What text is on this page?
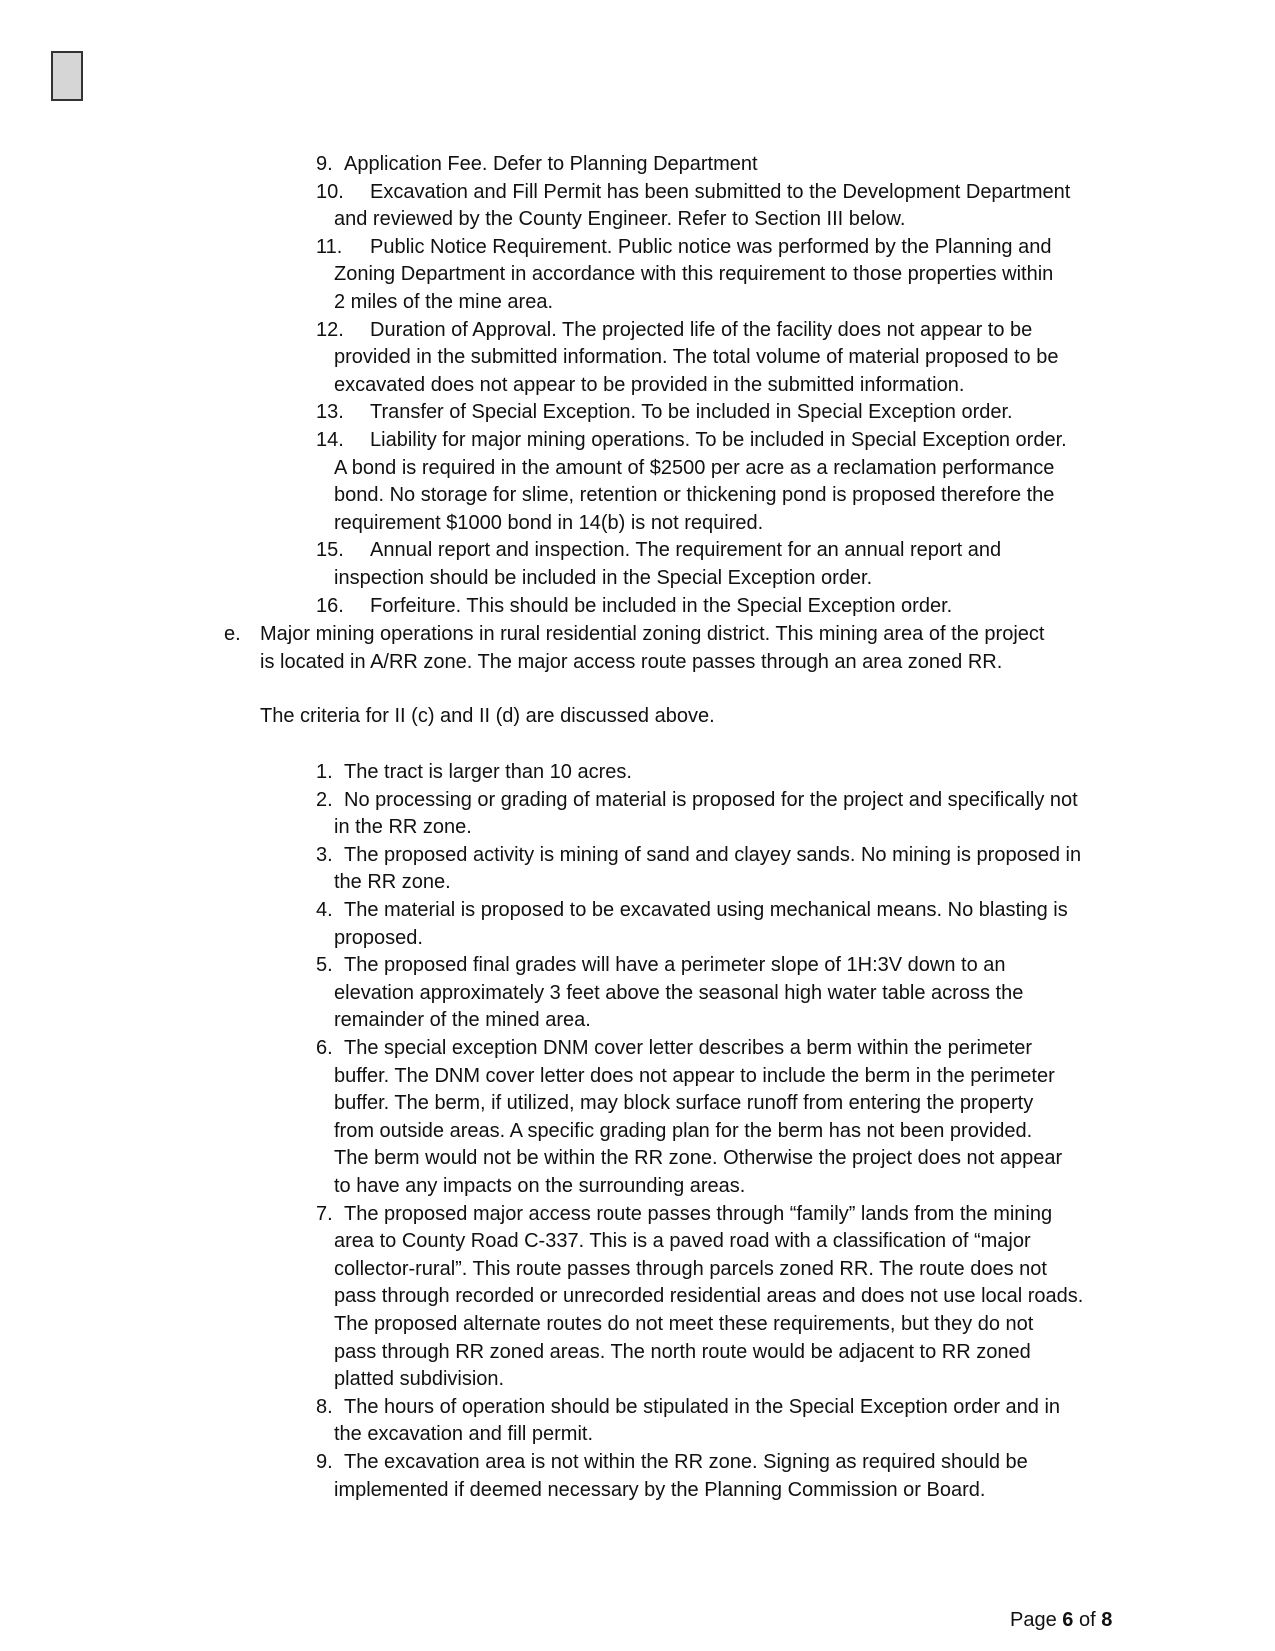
9. Application Fee. Defer to Planning Department
10. Excavation and Fill Permit has been submitted to the Development Department
and reviewed by the County Engineer. Refer to Section III below.
11. Public Notice Requirement. Public notice was performed by the Planning and
Zoning Department in accordance with this requirement to those properties within
2 miles of the mine area.
12. Duration of Approval. The projected life of the facility does not appear to be
provided in the submitted information. The total volume of material proposed to be
excavated does not appear to be provided in the submitted information.
13. Transfer of Special Exception. To be included in Special Exception order.
14. Liability for major mining operations. To be included in Special Exception order.
A bond is required in the amount of $2500 per acre as a reclamation performance
bond. No storage for slime, retention or thickening pond is proposed therefore the
requirement $1000 bond in 14(b) is not required.
15. Annual report and inspection. The requirement for an annual report and
inspection should be included in the Special Exception order.
16. Forfeiture. This should be included in the Special Exception order.
e. Major mining operations in rural residential zoning district. This mining area of the project
is located in A/RR zone. The major access route passes through an area zoned RR.
The criteria for II (c) and II (d) are discussed above.
1. The tract is larger than 10 acres.
2. No processing or grading of material is proposed for the project and specifically not
in the RR zone.
3. The proposed activity is mining of sand and clayey sands. No mining is proposed in
the RR zone.
4. The material is proposed to be excavated using mechanical means. No blasting is
proposed.
5. The proposed final grades will have a perimeter slope of 1H:3V down to an
elevation approximately 3 feet above the seasonal high water table across the
remainder of the mined area.
6. The special exception DNM cover letter describes a berm within the perimeter
buffer. The DNM cover letter does not appear to include the berm in the perimeter
buffer. The berm, if utilized, may block surface runoff from entering the property
from outside areas. A specific grading plan for the berm has not been provided.
The berm would not be within the RR zone. Otherwise the project does not appear
to have any impacts on the surrounding areas.
7. The proposed major access route passes through “family” lands from the mining
area to County Road C-337. This is a paved road with a classification of “major
collector-rural”. This route passes through parcels zoned RR. The route does not
pass through recorded or unrecorded residential areas and does not use local roads.
The proposed alternate routes do not meet these requirements, but they do not
pass through RR zoned areas. The north route would be adjacent to RR zoned
platted subdivision.
8. The hours of operation should be stipulated in the Special Exception order and in
the excavation and fill permit.
9. The excavation area is not within the RR zone. Signing as required should be
implemented if deemed necessary by the Planning Commission or Board.
Page 6 of 8
